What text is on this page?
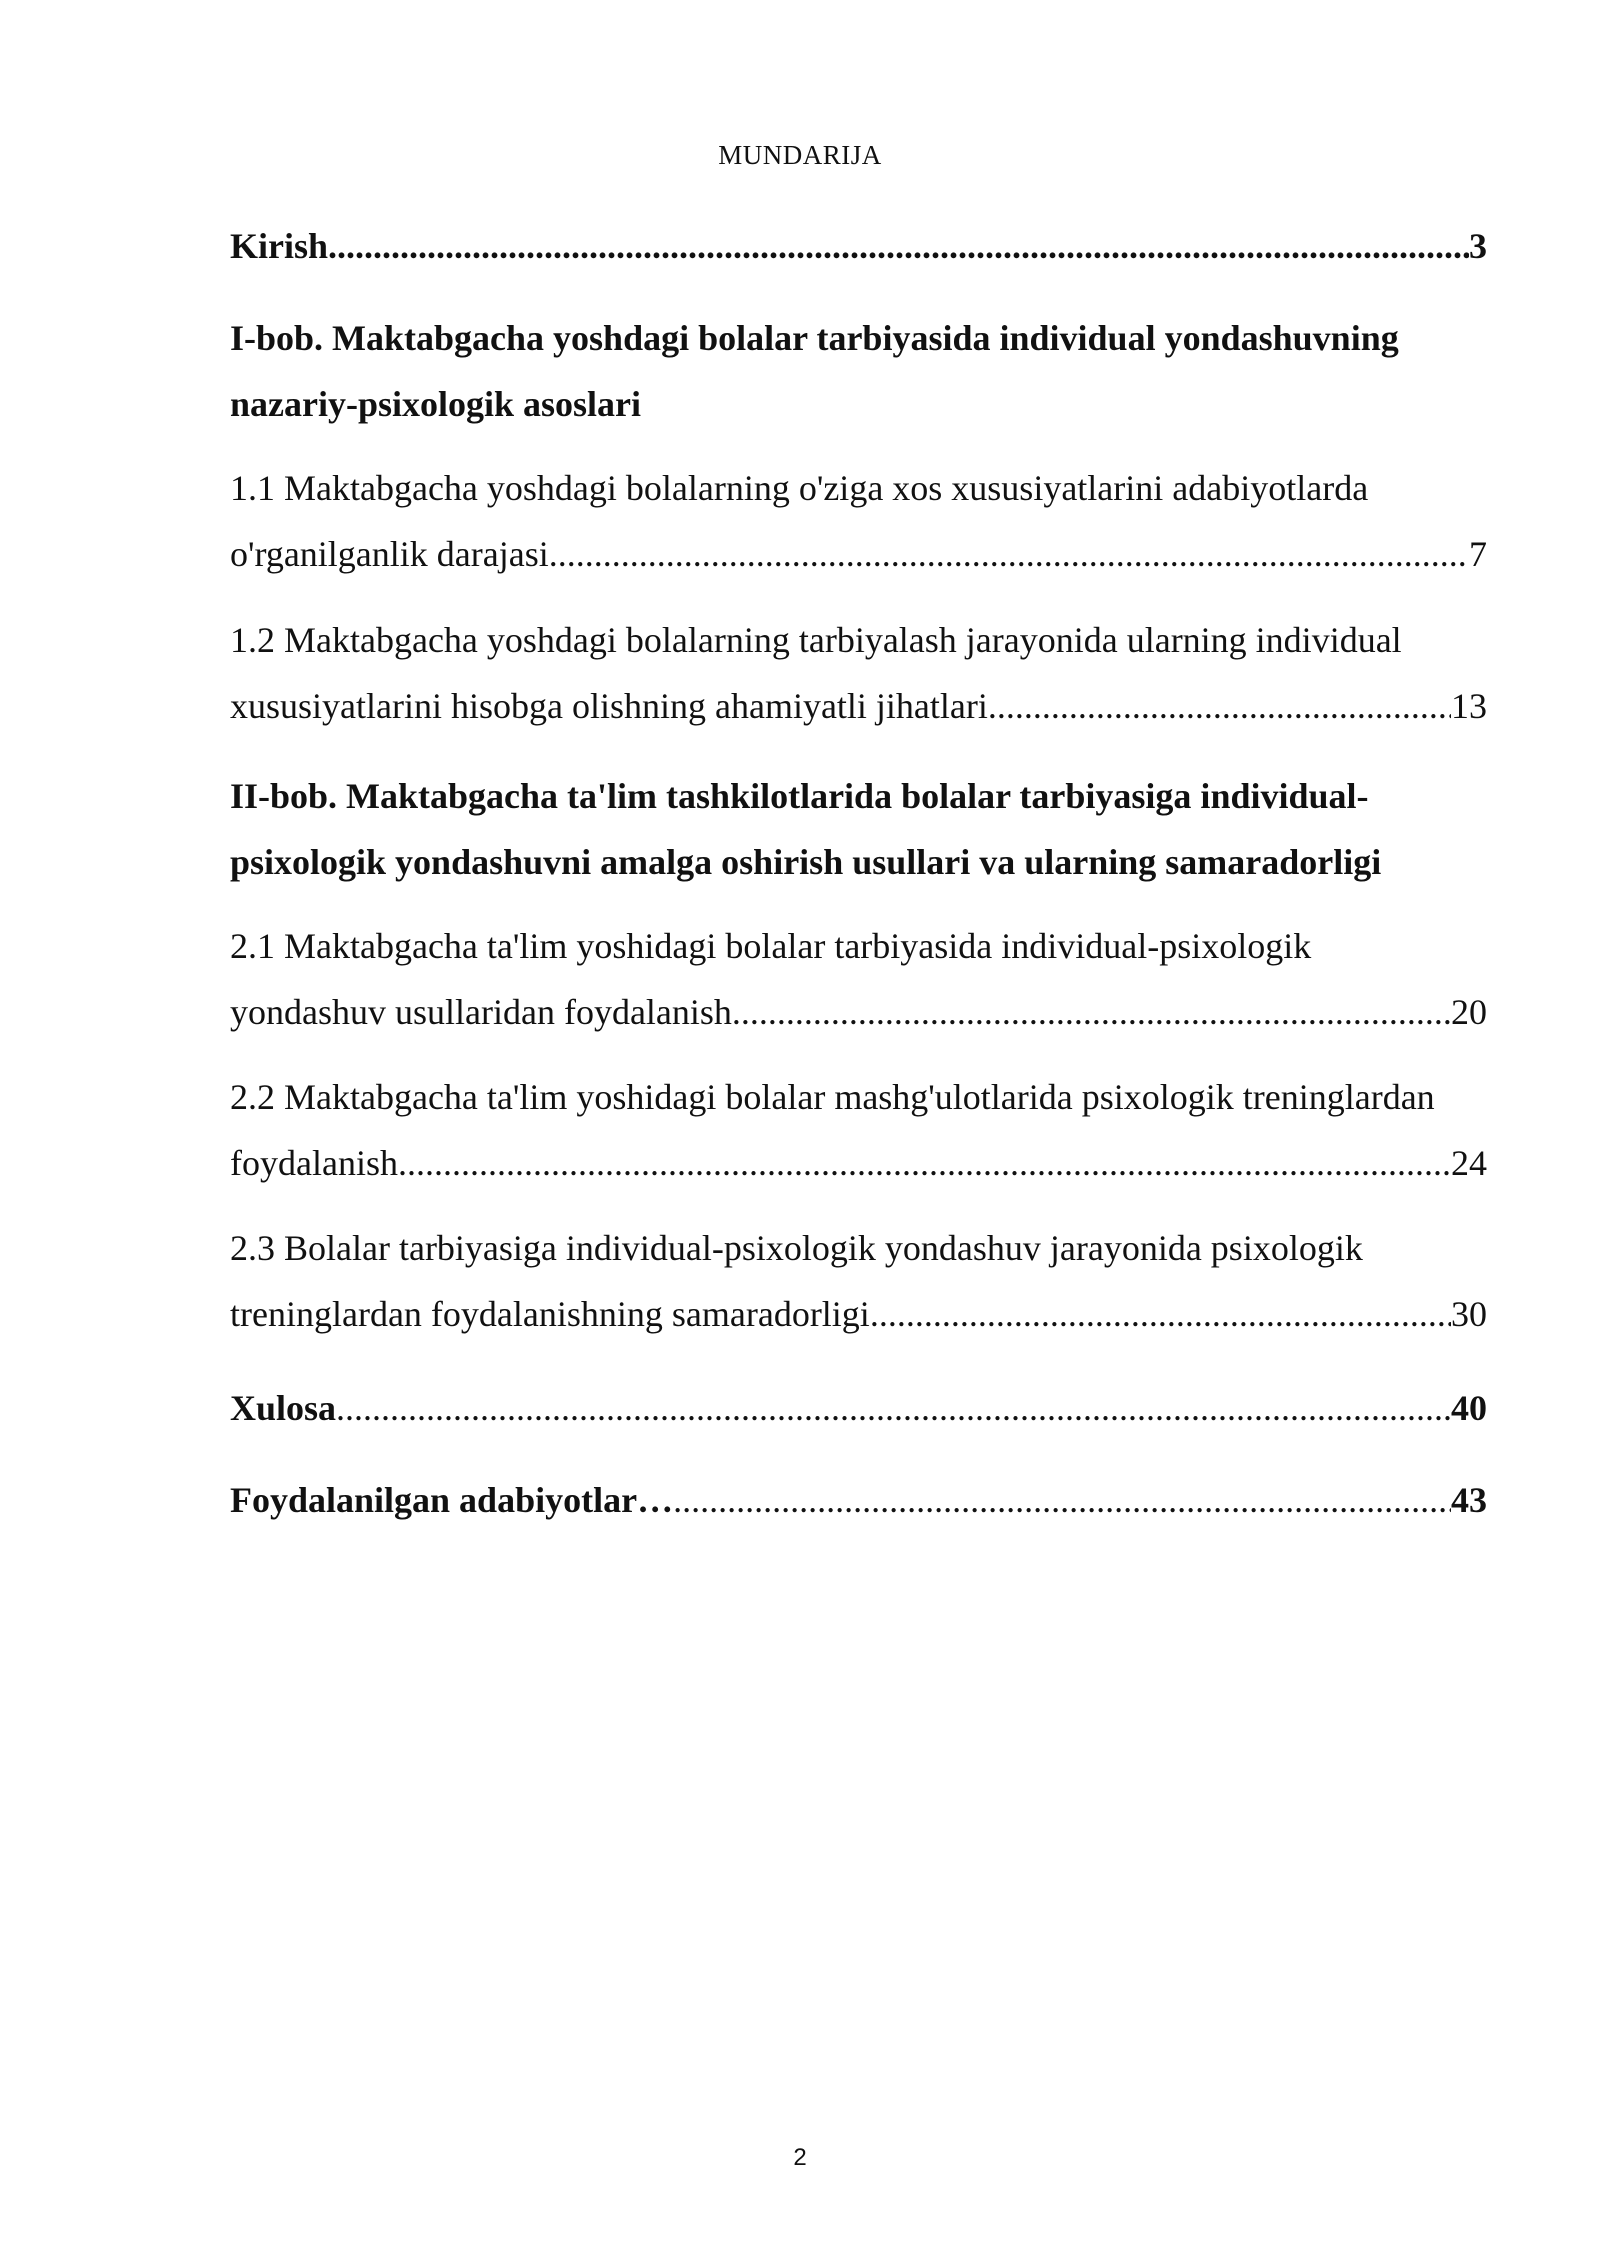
MUNDARIJA
Kirish .....	3
I-bob. Maktabgacha yoshdagi bolalar tarbiyasida individual yondashuvning
nazariy-psixologik asoslari
1.1 Maktabgacha yoshdagi bolalarning o'ziga xos xususiyatlarini adabiyotlarda
o'rganilganlik darajasi .....	7
1.2 Maktabgacha yoshdagi bolalarning tarbiyalash jarayonida ularning individual
xususiyatlarini hisobga olishning ahamiyatli jihatlari .....	13
II-bob. Maktabgacha ta'lim tashkilotlarida bolalar tarbiyasiga individual-
psixologik yondashuvni amalga oshirish usullari va ularning samaradorligi
2.1 Maktabgacha ta'lim yoshidagi bolalar tarbiyasida individual-psixologik
yondashuv usullaridan foydalanish .....	20
2.2 Maktabgacha ta'lim yoshidagi bolalar mashg'ulotlarida psixologik treninglardan
foydalanish .....	24
2.3 Bolalar tarbiyasiga individual-psixologik yondashuv jarayonida psixologik
treninglardan foydalanishning samaradorligi .....	30
Xulosa .....	40
Foydalanilgan adabiyotlar… .....	43
2
